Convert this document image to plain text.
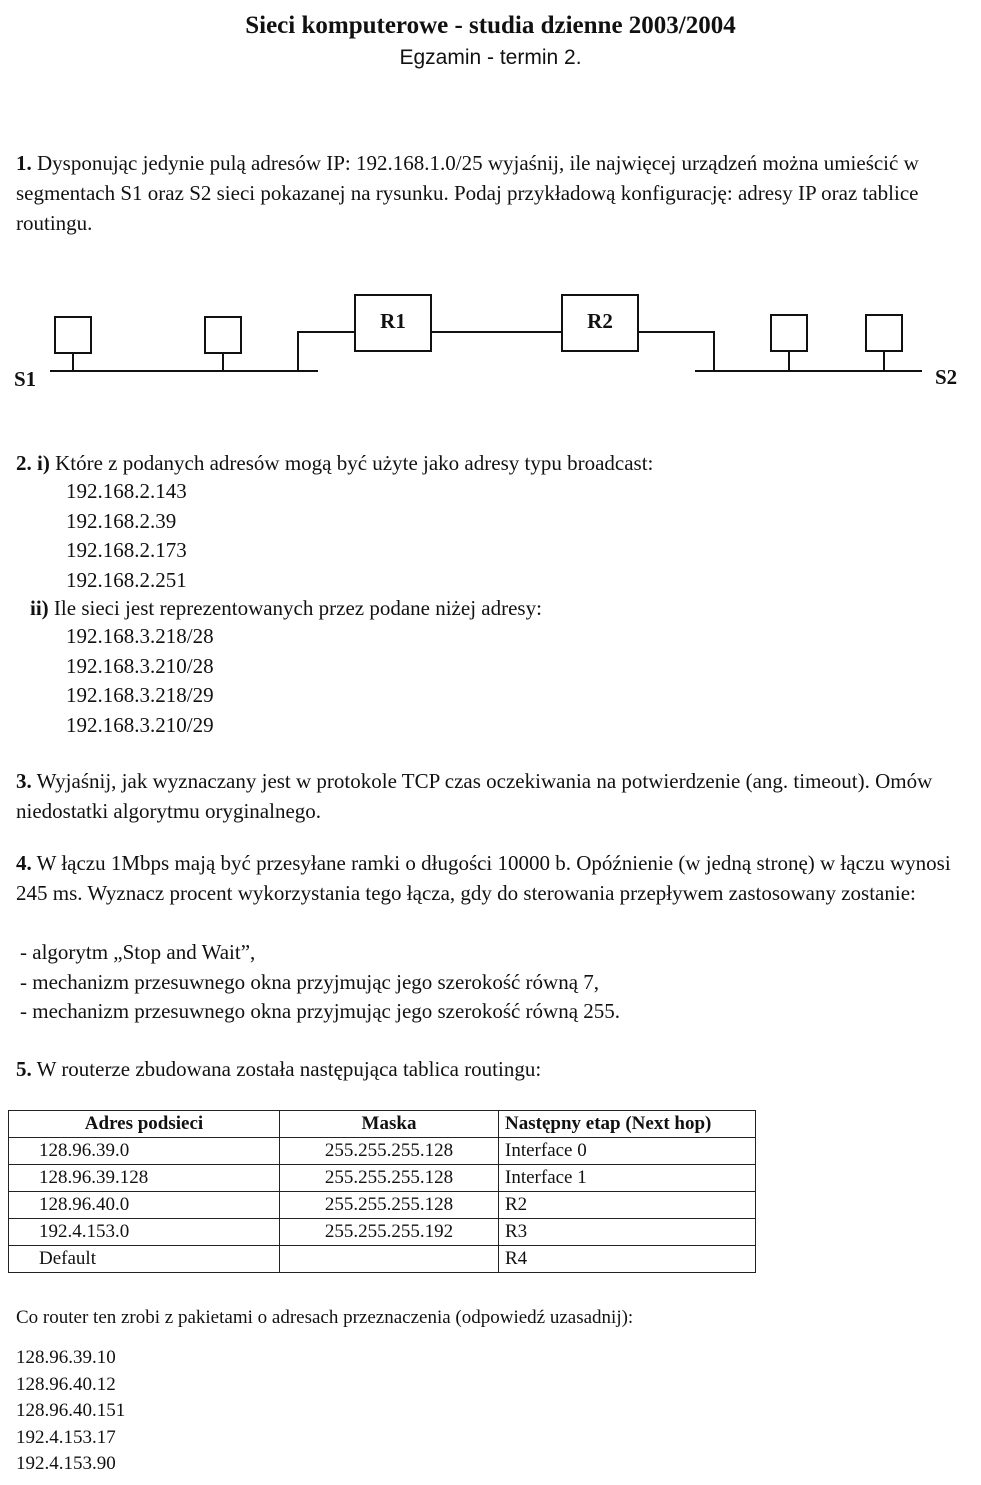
Sieci komputerowe - studia dzienne 2003/2004
Egzamin - termin 2.
1. Dysponując jedynie pulą adresów IP: 192.168.1.0/25 wyjaśnij, ile najwięcej urządzeń można umieścić w segmentach S1 oraz S2 sieci pokazanej na rysunku. Podaj przykładową konfigurację: adresy IP oraz tablice routingu.
R1	R2
S1	S2
2. i) Które z podanych adresów mogą być użyte jako adresy typu broadcast:
192.168.2.143
192.168.2.39
192.168.2.173
192.168.2.251
ii) Ile sieci jest reprezentowanych przez podane niżej adresy:
192.168.3.218/28
192.168.3.210/28
192.168.3.218/29
192.168.3.210/29
3. Wyjaśnij, jak wyznaczany jest w protokole TCP czas oczekiwania na potwierdzenie (ang. timeout). Omów niedostatki algorytmu oryginalnego.
4. W łączu 1Mbps mają być przesyłane ramki o długości 10000 b. Opóźnienie (w jedną stronę) w łączu wynosi 245 ms. Wyznacz procent wykorzystania tego łącza, gdy do sterowania przepływem zastosowany zostanie:
- algorytm „Stop and Wait”,
- mechanizm przesuwnego okna przyjmując jego szerokość równą 7,
- mechanizm przesuwnego okna przyjmując jego szerokość równą 255.
5. W routerze zbudowana została następująca tablica routingu:
Adres podsieci	Maska	Następny etap (Next hop)
128.96.39.0	255.255.255.128	Interface 0
128.96.39.128	255.255.255.128	Interface 1
128.96.40.0	255.255.255.128	R2
192.4.153.0	255.255.255.192	R3
Default		R4
Co router ten zrobi z pakietami o adresach przeznaczenia (odpowiedź uzasadnij):
128.96.39.10
128.96.40.12
128.96.40.151
192.4.153.17
192.4.153.90
